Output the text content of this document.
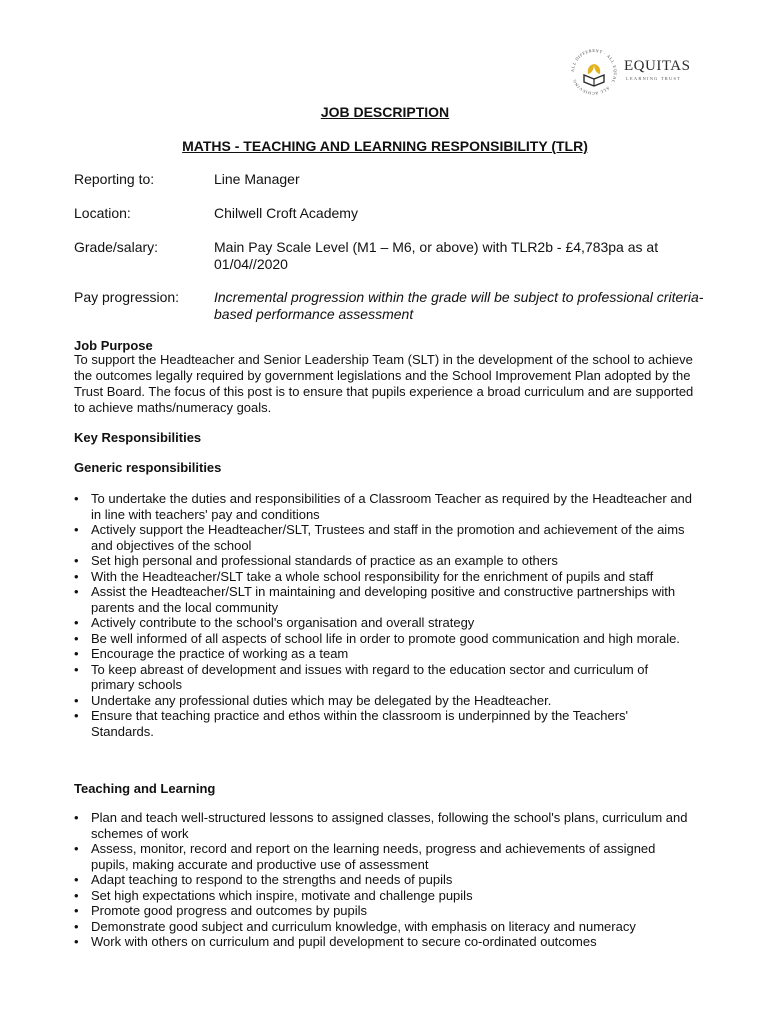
ALL DIFFERENT · ALL EQUAL · ALL ACHIEVING
EQUITAS
LEARNING TRUST
JOB DESCRIPTION
MATHS - TEACHING AND LEARNING RESPONSIBILITY (TLR)
Reporting to:	Line Manager
Location:	Chilwell Croft Academy
Grade/salary:	Main Pay Scale Level (M1 – M6, or above) with TLR2b - £4,783pa as at 01/04//2020
Pay progression: Incremental progression within the grade will be subject to professional criteria-based performance assessment
Job Purpose
To support the Headteacher and Senior Leadership Team (SLT) in the development of the school to achieve the outcomes legally required by government legislations and the School Improvement Plan adopted by the Trust Board. The focus of this post is to ensure that pupils experience a broad curriculum and are supported to achieve maths/numeracy goals.
Key Responsibilities
Generic responsibilities
• To undertake the duties and responsibilities of a Classroom Teacher as required by the Headteacher and in line with teachers' pay and conditions
• Actively support the Headteacher/SLT, Trustees and staff in the promotion and achievement of the aims and objectives of the school
• Set high personal and professional standards of practice as an example to others
• With the Headteacher/SLT take a whole school responsibility for the enrichment of pupils and staff
• Assist the Headteacher/SLT in maintaining and developing positive and constructive partnerships with parents and the local community
• Actively contribute to the school's organisation and overall strategy
• Be well informed of all aspects of school life in order to promote good communication and high morale.
• Encourage the practice of working as a team
• To keep abreast of development and issues with regard to the education sector and curriculum of primary schools
• Undertake any professional duties which may be delegated by the Headteacher.
• Ensure that teaching practice and ethos within the classroom is underpinned by the Teachers' Standards.
Teaching and Learning
• Plan and teach well-structured lessons to assigned classes, following the school's plans, curriculum and schemes of work
• Assess, monitor, record and report on the learning needs, progress and achievements of assigned pupils, making accurate and productive use of assessment
• Adapt teaching to respond to the strengths and needs of pupils
• Set high expectations which inspire, motivate and challenge pupils
• Promote good progress and outcomes by pupils
• Demonstrate good subject and curriculum knowledge, with emphasis on literacy and numeracy
• Work with others on curriculum and pupil development to secure co-ordinated outcomes
